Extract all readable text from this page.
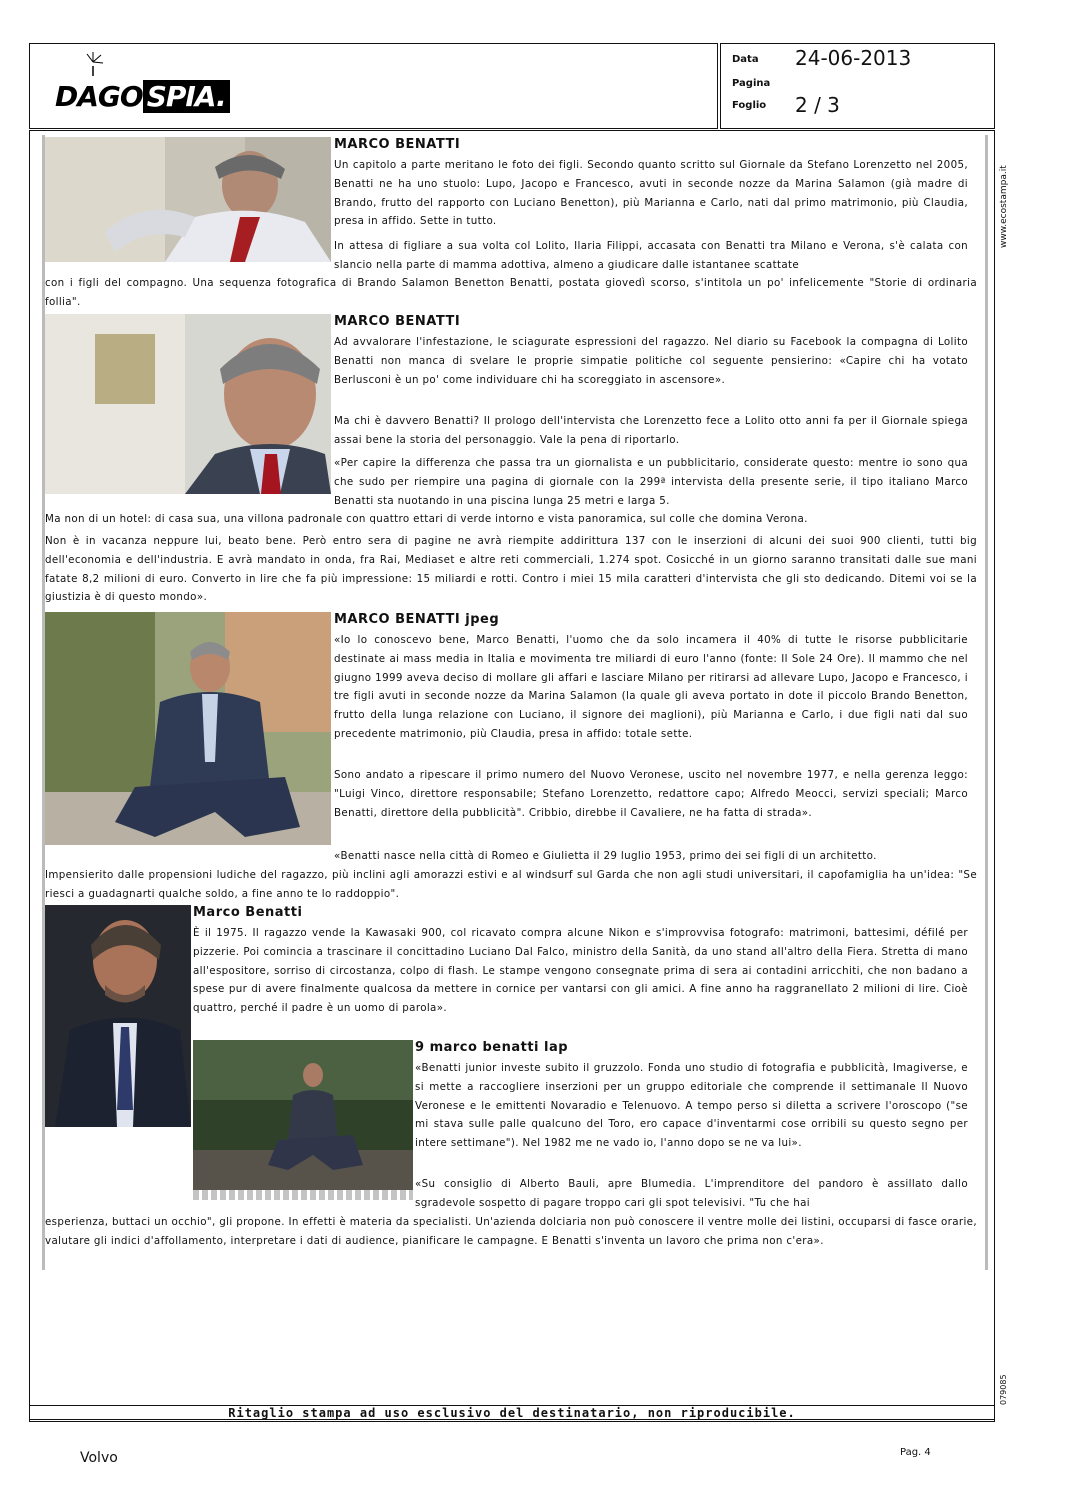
DAGO SPIA.
Data
Pagina
Foglio
24-06-2013
2 / 3
www.ecostampa.it
079085
MARCO BENATTI
Un capitolo a parte meritano le foto dei figli. Secondo quanto scritto sul Giornale da Stefano Lorenzetto nel 2005, Benatti ne ha uno stuolo: Lupo, Jacopo e Francesco, avuti in seconde nozze da Marina Salamon (già madre di Brando, frutto del rapporto con Luciano Benetton), più Marianna e Carlo, nati dal primo matrimonio, più Claudia, presa in affido. Sette in tutto.
In attesa di figliare a sua volta col Lolito, Ilaria Filippi, accasata con Benatti tra Milano e Verona, s'è calata con slancio nella parte di mamma adottiva, almeno a giudicare dalle istantanee scattate
con i figli del compagno. Una sequenza fotografica di Brando Salamon Benetton Benatti, postata giovedì scorso, s'intitola un po' infelicemente "Storie di ordinaria follia".
MARCO BENATTI
Ad avvalorare l'infestazione, le sciagurate espressioni del ragazzo. Nel diario su Facebook la compagna di Lolito Benatti non manca di svelare le proprie simpatie politiche col seguente pensierino: «Capire chi ha votato Berlusconi è un po' come individuare chi ha scoreggiato in ascensore».
Ma chi è davvero Benatti? Il prologo dell'intervista che Lorenzetto fece a Lolito otto anni fa per il Giornale spiega assai bene la storia del personaggio. Vale la pena di riportarlo.
«Per capire la differenza che passa tra un giornalista e un pubblicitario, considerate questo: mentre io sono qua che sudo per riempire una pagina di giornale con la 299ª intervista della presente serie, il tipo italiano Marco Benatti sta nuotando in una piscina lunga 25 metri e larga 5.
Ma non di un hotel: di casa sua, una villona padronale con quattro ettari di verde intorno e vista panoramica, sul colle che domina Verona.
Non è in vacanza neppure lui, beato bene. Però entro sera di pagine ne avrà riempite addirittura 137 con le inserzioni di alcuni dei suoi 900 clienti, tutti big dell'economia e dell'industria. E avrà mandato in onda, fra Rai, Mediaset e altre reti commerciali, 1.274 spot. Cosicché in un giorno saranno transitati dalle sue mani fatate 8,2 milioni di euro. Converto in lire che fa più impressione: 15 miliardi e rotti. Contro i miei 15 mila caratteri d'intervista che gli sto dedicando. Ditemi voi se la giustizia è di questo mondo».
MARCO BENATTI jpeg
«Io lo conoscevo bene, Marco Benatti, l'uomo che da solo incamera il 40% di tutte le risorse pubblicitarie destinate ai mass media in Italia e movimenta tre miliardi di euro l'anno (fonte: Il Sole 24 Ore). Il mammo che nel giugno 1999 aveva deciso di mollare gli affari e lasciare Milano per ritirarsi ad allevare Lupo, Jacopo e Francesco, i tre figli avuti in seconde nozze da Marina Salamon (la quale gli aveva portato in dote il piccolo Brando Benetton, frutto della lunga relazione con Luciano, il signore dei maglioni), più Marianna e Carlo, i due figli nati dal suo precedente matrimonio, più Claudia, presa in affido: totale sette.
Sono andato a ripescare il primo numero del Nuovo Veronese, uscito nel novembre 1977, e nella gerenza leggo: "Luigi Vinco, direttore responsabile; Stefano Lorenzetto, redattore capo; Alfredo Meocci, servizi speciali; Marco Benatti, direttore della pubblicità". Cribbio, direbbe il Cavaliere, ne ha fatta di strada».
«Benatti nasce nella città di Romeo e Giulietta il 29 luglio 1953, primo dei sei figli di un architetto.
Impensierito dalle propensioni ludiche del ragazzo, più inclini agli amorazzi estivi e al windsurf sul Garda che non agli studi universitari, il capofamiglia ha un'idea: "Se riesci a guadagnarti qualche soldo, a fine anno te lo raddoppio".
Marco Benatti
È il 1975. Il ragazzo vende la Kawasaki 900, col ricavato compra alcune Nikon e s'improvvisa fotografo: matrimoni, battesimi, défilé per pizzerie. Poi comincia a trascinare il concittadino Luciano Dal Falco, ministro della Sanità, da uno stand all'altro della Fiera. Stretta di mano all'espositore, sorriso di circostanza, colpo di flash. Le stampe vengono consegnate prima di sera ai contadini arricchiti, che non badano a spese pur di avere finalmente qualcosa da mettere in cornice per vantarsi con gli amici. A fine anno ha raggranellato 2 milioni di lire. Cioè quattro, perché il padre è un uomo di parola».
9 marco benatti lap
«Benatti junior investe subito il gruzzolo. Fonda uno studio di fotografia e pubblicità, Imagiverse, e si mette a raccogliere inserzioni per un gruppo editoriale che comprende il settimanale Il Nuovo Veronese e le emittenti Novaradio e Telenuovo. A tempo perso si diletta a scrivere l'oroscopo ("se mi stava sulle palle qualcuno del Toro, ero capace d'inventarmi cose orribili su questo segno per intere settimane"). Nel 1982 me ne vado io, l'anno dopo se ne va lui».
«Su consiglio di Alberto Bauli, apre Blumedia. L'imprenditore del pandoro è assillato dallo sgradevole sospetto di pagare troppo cari gli spot televisivi. "Tu che hai
esperienza, buttaci un occhio", gli propone. In effetti è materia da specialisti. Un'azienda dolciaria non può conoscere il ventre molle dei listini, occuparsi di fasce orarie, valutare gli indici d'affollamento, interpretare i dati di audience, pianificare le campagne. E Benatti s'inventa un lavoro che prima non c'era».
Ritaglio stampa ad uso esclusivo del destinatario, non riproducibile.
Volvo	Pag. 4
